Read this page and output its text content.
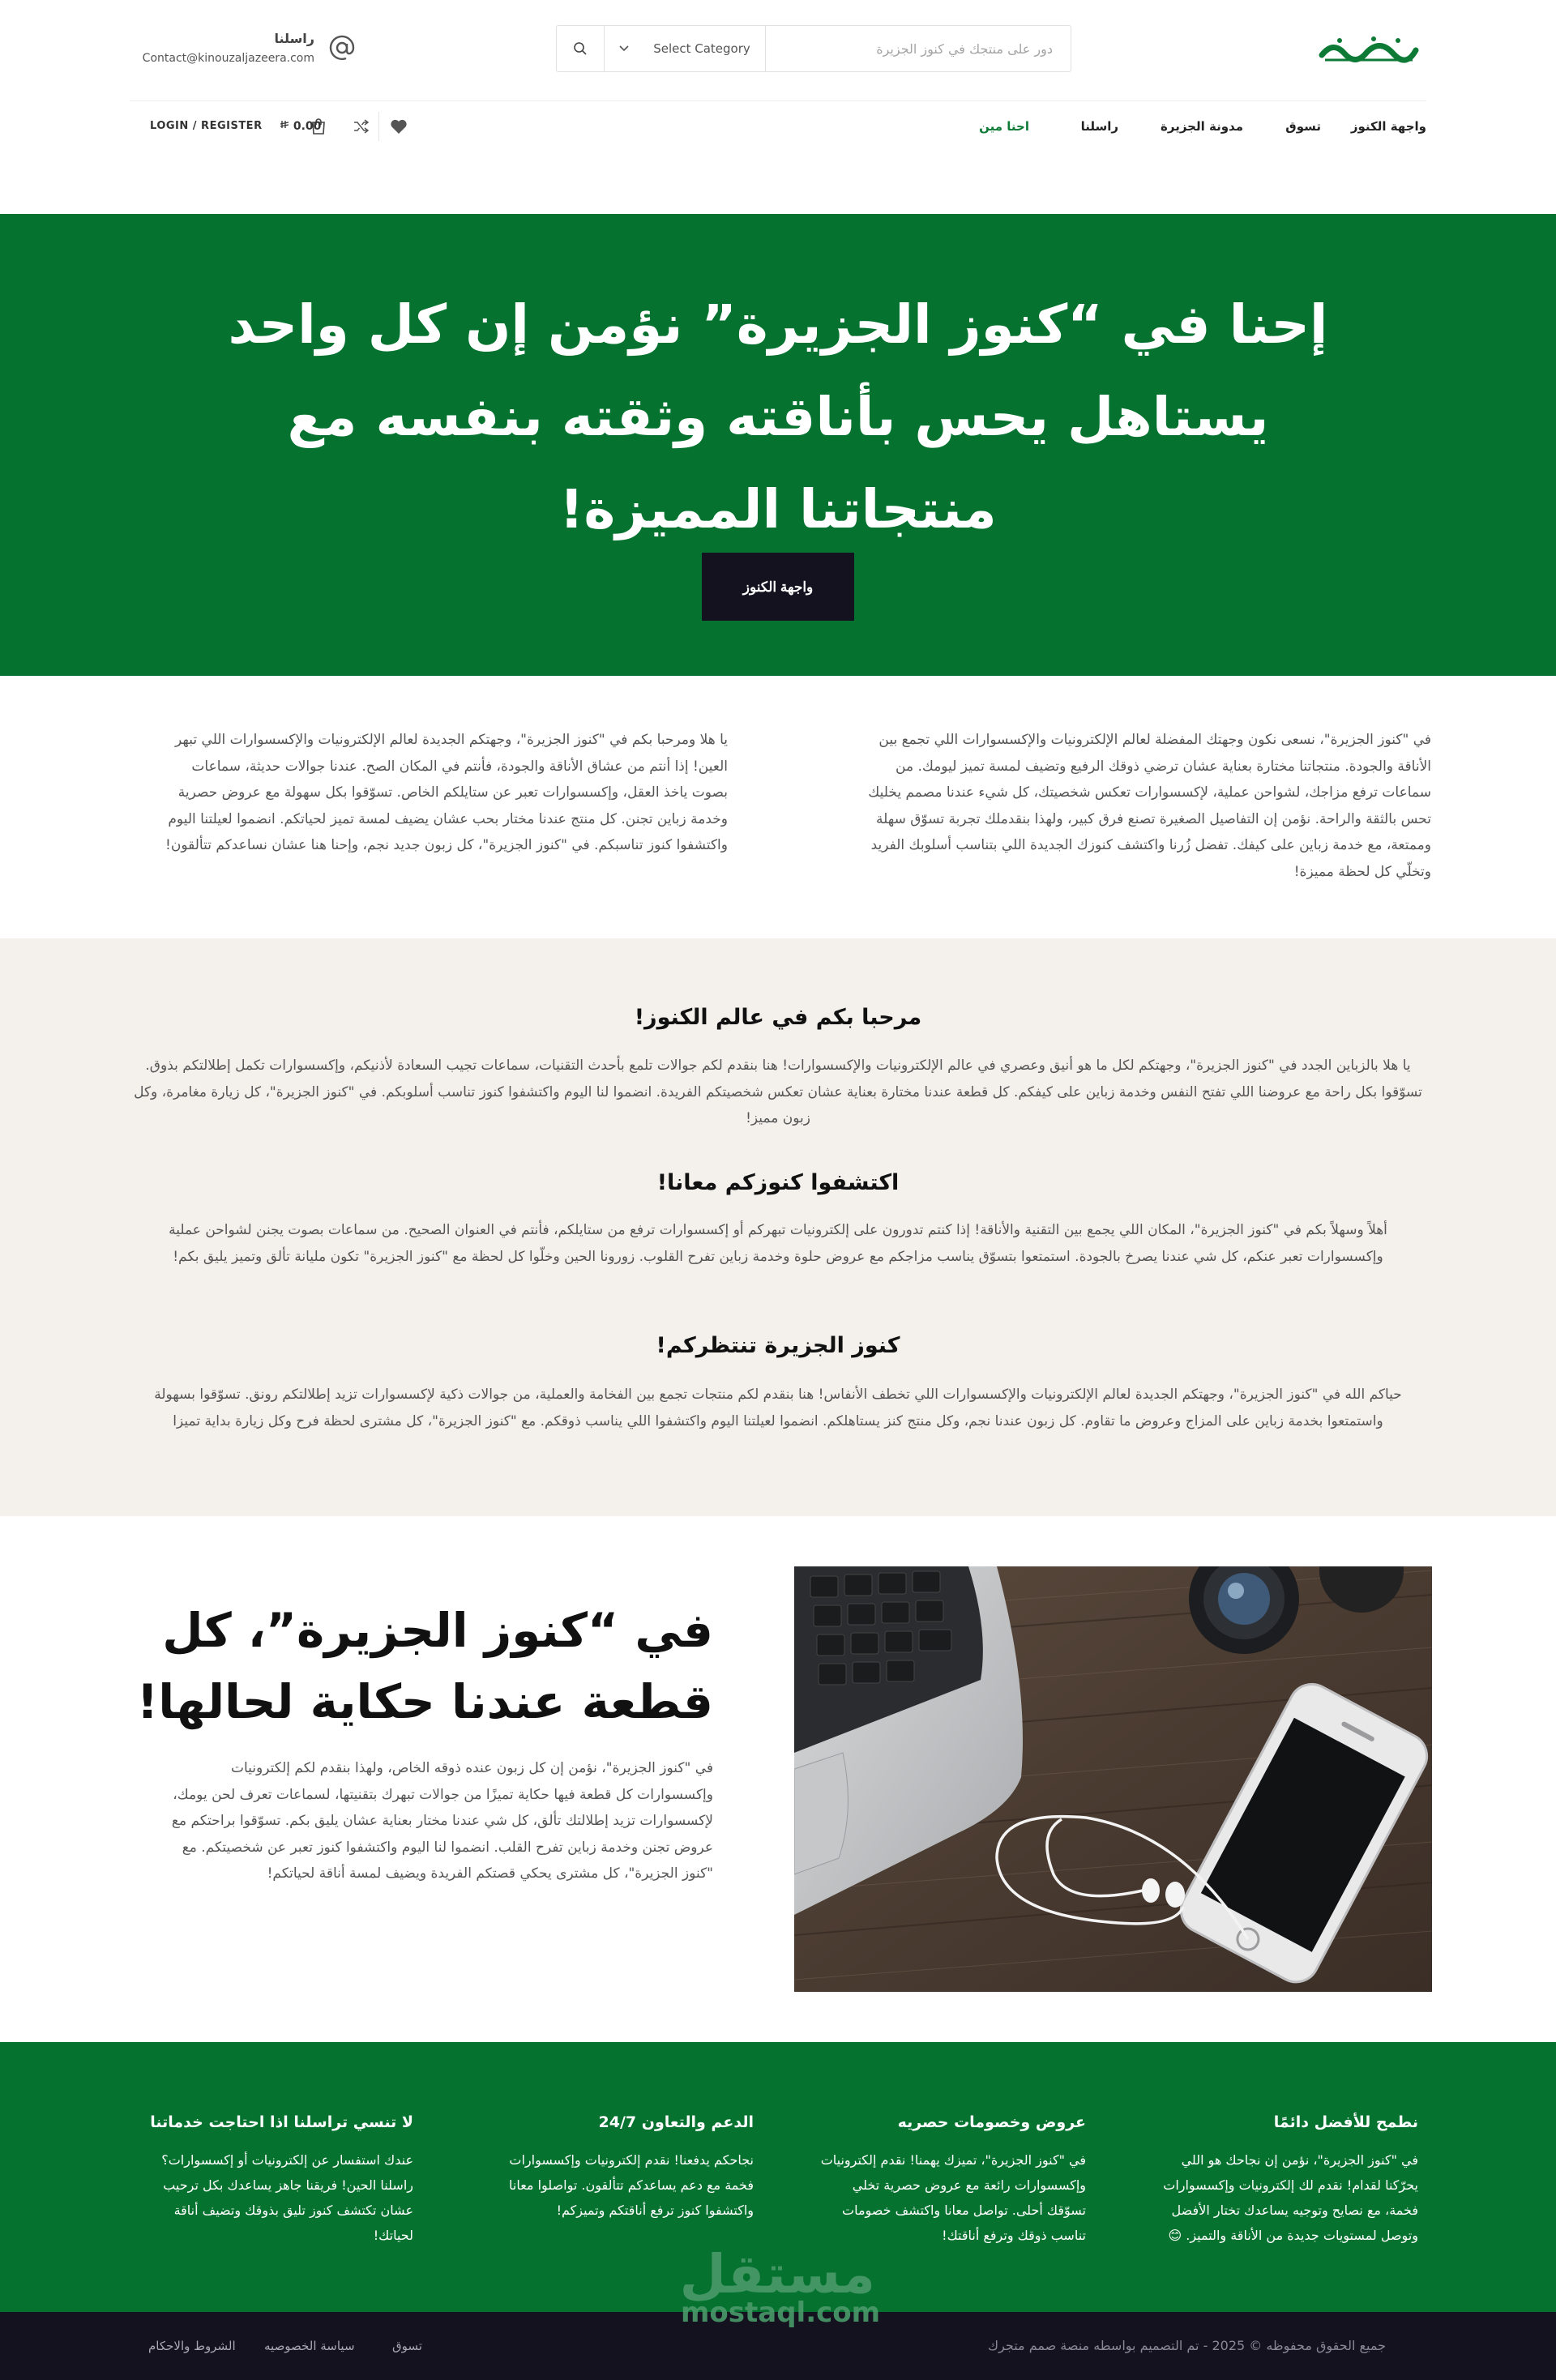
دور على منتجك في كنوز الجزيرة
Select Category
راسلنا
Contact@kinouzaljazeera.com
واجهة الكنوز
تسوق
مدونة الجزيرة
راسلنا
احنا مين
0.00
LOGIN / REGISTER
إحنا في “كنوز الجزيرة” نؤمن إن كل واحد يستاهل يحس بأناقته وثقته بنفسه مع منتجاتنا المميزة!
واجهة الكنوز

في "كنوز الجزيرة"، نسعى نكون وجهتك المفضلة لعالم الإلكترونيات والإكسسوارات اللي تجمع بين الأناقة والجودة. منتجاتنا مختارة بعناية عشان ترضي ذوقك الرفيع وتضيف لمسة تميز ليومك. من سماعات ترفع مزاجك، لشواحن عملية، لإكسسوارات تعكس شخصيتك، كل شيء عندنا مصمم يخليك تحس بالثقة والراحة. نؤمن إن التفاصيل الصغيرة تصنع فرق كبير، ولهذا بنقدملك تجربة تسوّق سهلة وممتعة، مع خدمة زباين على كيفك. تفضل زُرنا واكتشف كنوزك الجديدة اللي بتناسب أسلوبك الفريد وتخلّي كل لحظة مميزة!

يا هلا ومرحبا بكم في "كنوز الجزيرة"، وجهتكم الجديدة لعالم الإلكترونيات والإكسسوارات اللي تبهر العين! إذا أنتم من عشاق الأناقة والجودة، فأنتم في المكان الصح. عندنا جوالات حديثة، سماعات بصوت ياخذ العقل، وإكسسوارات تعبر عن ستايلكم الخاص. تسوّقوا بكل سهولة مع عروض حصرية وخدمة زباين تجنن. كل منتج عندنا مختار بحب عشان يضيف لمسة تميز لحياتكم. انضموا لعيلتنا اليوم واكتشفوا كنوز تناسبكم. في "كنوز الجزيرة"، كل زبون جديد نجم، وإحنا هنا عشان نساعدكم تتألقون!

مرحبا بكم في عالم الكنوز!

يا هلا بالزباين الجدد في "كنوز الجزيرة"، وجهتكم لكل ما هو أنيق وعصري في عالم الإلكترونيات والإكسسوارات! هنا بنقدم لكم جوالات تلمع بأحدث التقنيات، سماعات تجيب السعادة لأذنيكم، وإكسسوارات تكمل إطلالتكم بذوق. تسوّقوا بكل راحة مع عروضنا اللي تفتح النفس وخدمة زباين على كيفكم. كل قطعة عندنا مختارة بعناية عشان تعكس شخصيتكم الفريدة. انضموا لنا اليوم واكتشفوا كنوز تناسب أسلوبكم. في "كنوز الجزيرة"، كل زيارة مغامرة، وكل زبون مميز!

اكتشفوا كنوزكم معانا!

أهلاً وسهلاً بكم في "كنوز الجزيرة"، المكان اللي يجمع بين التقنية والأناقة! إذا كنتم تدورون على إلكترونيات تبهركم أو إكسسوارات ترفع من ستايلكم، فأنتم في العنوان الصحيح. من سماعات بصوت يجنن لشواحن عملية وإكسسوارات تعبر عنكم، كل شي عندنا يصرخ بالجودة. استمتعوا بتسوّق يناسب مزاجكم مع عروض حلوة وخدمة زباين تفرح القلوب. زورونا الحين وخلّوا كل لحظة مع "كنوز الجزيرة" تكون مليانة تألق وتميز يليق بكم!

كنوز الجزيرة تنتظركم!

حياكم الله في "كنوز الجزيرة"، وجهتكم الجديدة لعالم الإلكترونيات والإكسسوارات اللي تخطف الأنفاس! هنا بنقدم لكم منتجات تجمع بين الفخامة والعملية، من جوالات ذكية لإكسسوارات تزيد إطلالتكم رونق. تسوّقوا بسهولة واستمتعوا بخدمة زباين على المزاج وعروض ما تقاوم. كل زبون عندنا نجم، وكل منتج كنز يستاهلكم. انضموا لعيلتنا اليوم واكتشفوا اللي يناسب ذوقكم. مع "كنوز الجزيرة"، كل مشترى لحظة فرح وكل زيارة بداية تميزا

في “كنوز الجزيرة”، كل قطعة عندنا حكاية لحالها!

في "كنوز الجزيرة"، نؤمن إن كل زبون عنده ذوقه الخاص، ولهذا بنقدم لكم إلكترونيات وإكسسوارات كل قطعة فيها حكاية تميزًا من جوالات تبهرك بتقنيتها، لسماعات تعرف لحن يومك، لإكسسوارات تزيد إطلالتك تألق، كل شي عندنا مختار بعناية عشان يليق بكم. تسوّقوا براحتكم مع عروض تجنن وخدمة زباين تفرح القلب. انضموا لنا اليوم واكتشفوا كنوز تعبر عن شخصيتكم. مع "كنوز الجزيرة"، كل مشترى يحكي قصتكم الفريدة ويضيف لمسة أناقة لحياتكم!

نطمح للأفضل دائمًا

في "كنوز الجزيرة"، نؤمن إن نجاحك هو اللي يحرّكنا لقدام! نقدم لك إلكترونيات وإكسسوارات فخمة، مع نصايح وتوجيه يساعدك تختار الأفضل وتوصل لمستويات جديدة من الأناقة والتميز. 😊

عروض وخصومات حصريه

في "كنوز الجزيرة"، تميزك يهمنا! نقدم إلكترونيات وإكسسوارات رائعة مع عروض حصرية تخلي تسوّقك أحلى. تواصل معانا واكتشف خصومات تناسب ذوقك وترفع أناقتك!

الدعم والتعاون 24/7

نجاحكم يدفعنا! نقدم إلكترونيات وإكسسوارات فخمة مع دعم يساعدكم تتألقون. تواصلوا معانا واكتشفوا كنوز ترفع أناقتكم وتميزكم!

لا تنسي تراسلنا اذا احتاجت خدماتنا

عندك استفسار عن إلكترونيات أو إكسسوارات؟ راسلنا الحين! فريقنا جاهز يساعدك بكل ترحيب عشان تكتشف كنوز تليق بذوقك وتضيف أناقة لحياتك!

جميع الحقوق محفوظه © 2025 - تم التصميم بواسطه منصة صمم متجرك
تسوق
سياسة الخصوصيه
الشروط والاحكام
مستقل
mostaql.com
